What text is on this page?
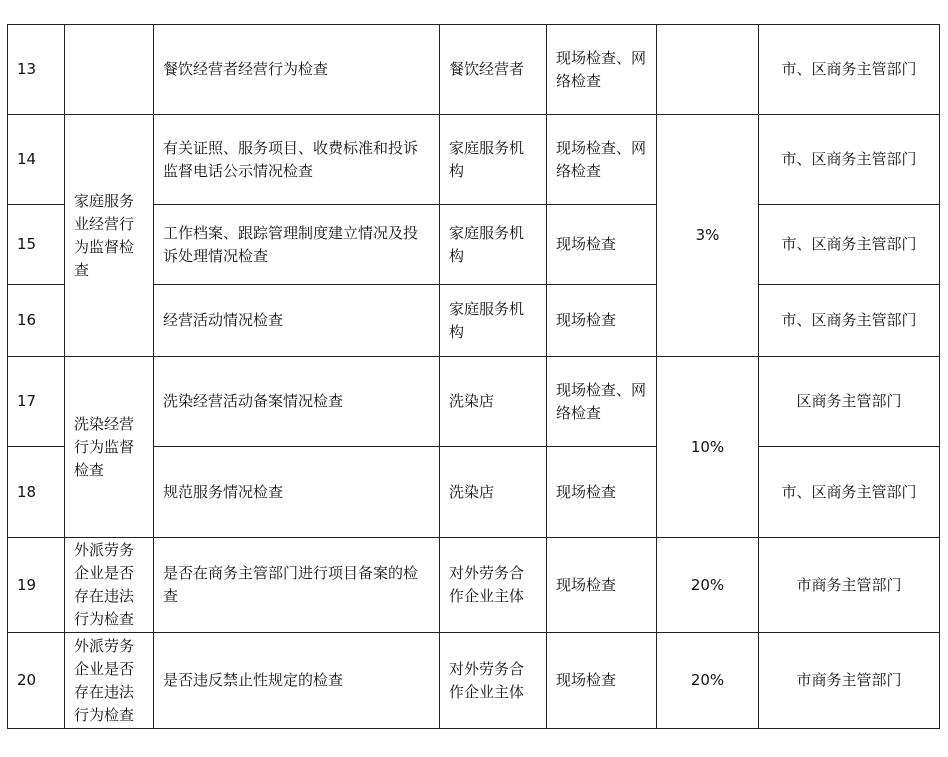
13		餐饮经营者经营行为检查	餐饮经营者	现场检查、网络检查		市、区商务主管部门
14	家庭服务业经营行为监督检查	有关证照、服务项目、收费标准和投诉监督电话公示情况检查	家庭服务机构	现场检查、网络检查	3%	市、区商务主管部门
15		工作档案、跟踪管理制度建立情况及投诉处理情况检查	家庭服务机构	现场检查		市、区商务主管部门
16		经营活动情况检查	家庭服务机构	现场检查		市、区商务主管部门
17	洗染经营行为监督检查	洗染经营活动备案情况检查	洗染店	现场检查、网络检查	10%	区商务主管部门
18		规范服务情况检查	洗染店	现场检查		市、区商务主管部门
19	外派劳务企业是否存在违法行为检查	是否在商务主管部门进行项目备案的检查	对外劳务合作企业主体	现场检查	20%	市商务主管部门
20	外派劳务企业是否存在违法行为检查	是否违反禁止性规定的检查	对外劳务合作企业主体	现场检查	20%	市商务主管部门
